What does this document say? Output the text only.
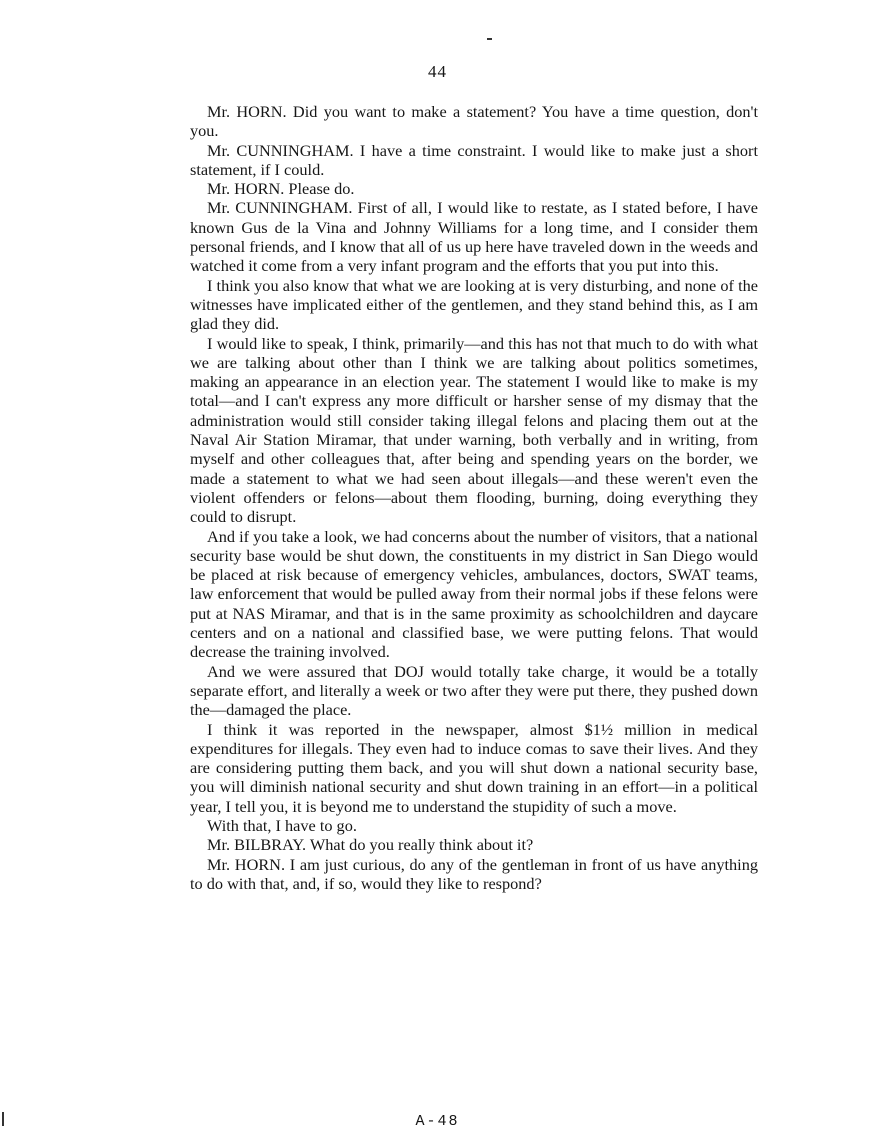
44

Mr. HORN. Did you want to make a statement? You have a time question, don't you.

Mr. CUNNINGHAM. I have a time constraint. I would like to make just a short statement, if I could.

Mr. HORN. Please do.

Mr. CUNNINGHAM. First of all, I would like to restate, as I stated before, I have known Gus de la Vina and Johnny Williams for a long time, and I consider them personal friends, and I know that all of us up here have traveled down in the weeds and watched it come from a very infant program and the efforts that you put into this.

I think you also know that what we are looking at is very disturbing, and none of the witnesses have implicated either of the gentlemen, and they stand behind this, as I am glad they did.

I would like to speak, I think, primarily—and this has not that much to do with what we are talking about other than I think we are talking about politics sometimes, making an appearance in an election year. The statement I would like to make is my total—and I can't express any more difficult or harsher sense of my dismay that the administration would still consider taking illegal felons and placing them out at the Naval Air Station Miramar, that under warning, both verbally and in writing, from myself and other colleagues that, after being and spending years on the border, we made a statement to what we had seen about illegals—and these weren't even the violent offenders or felons—about them flooding, burning, doing everything they could to disrupt.

And if you take a look, we had concerns about the number of visitors, that a national security base would be shut down, the constituents in my district in San Diego would be placed at risk because of emergency vehicles, ambulances, doctors, SWAT teams, law enforcement that would be pulled away from their normal jobs if these felons were put at NAS Miramar, and that is in the same proximity as schoolchildren and daycare centers and on a national and classified base, we were putting felons. That would decrease the training involved.

And we were assured that DOJ would totally take charge, it would be a totally separate effort, and literally a week or two after they were put there, they pushed down the—damaged the place.

I think it was reported in the newspaper, almost $1½ million in medical expenditures for illegals. They even had to induce comas to save their lives. And they are considering putting them back, and you will shut down a national security base, you will diminish national security and shut down training in an effort—in a political year, I tell you, it is beyond me to understand the stupidity of such a move.

With that, I have to go.

Mr. BILBRAY. What do you really think about it?

Mr. HORN. I am just curious, do any of the gentleman in front of us have anything to do with that, and, if so, would they like to respond?

A-48
